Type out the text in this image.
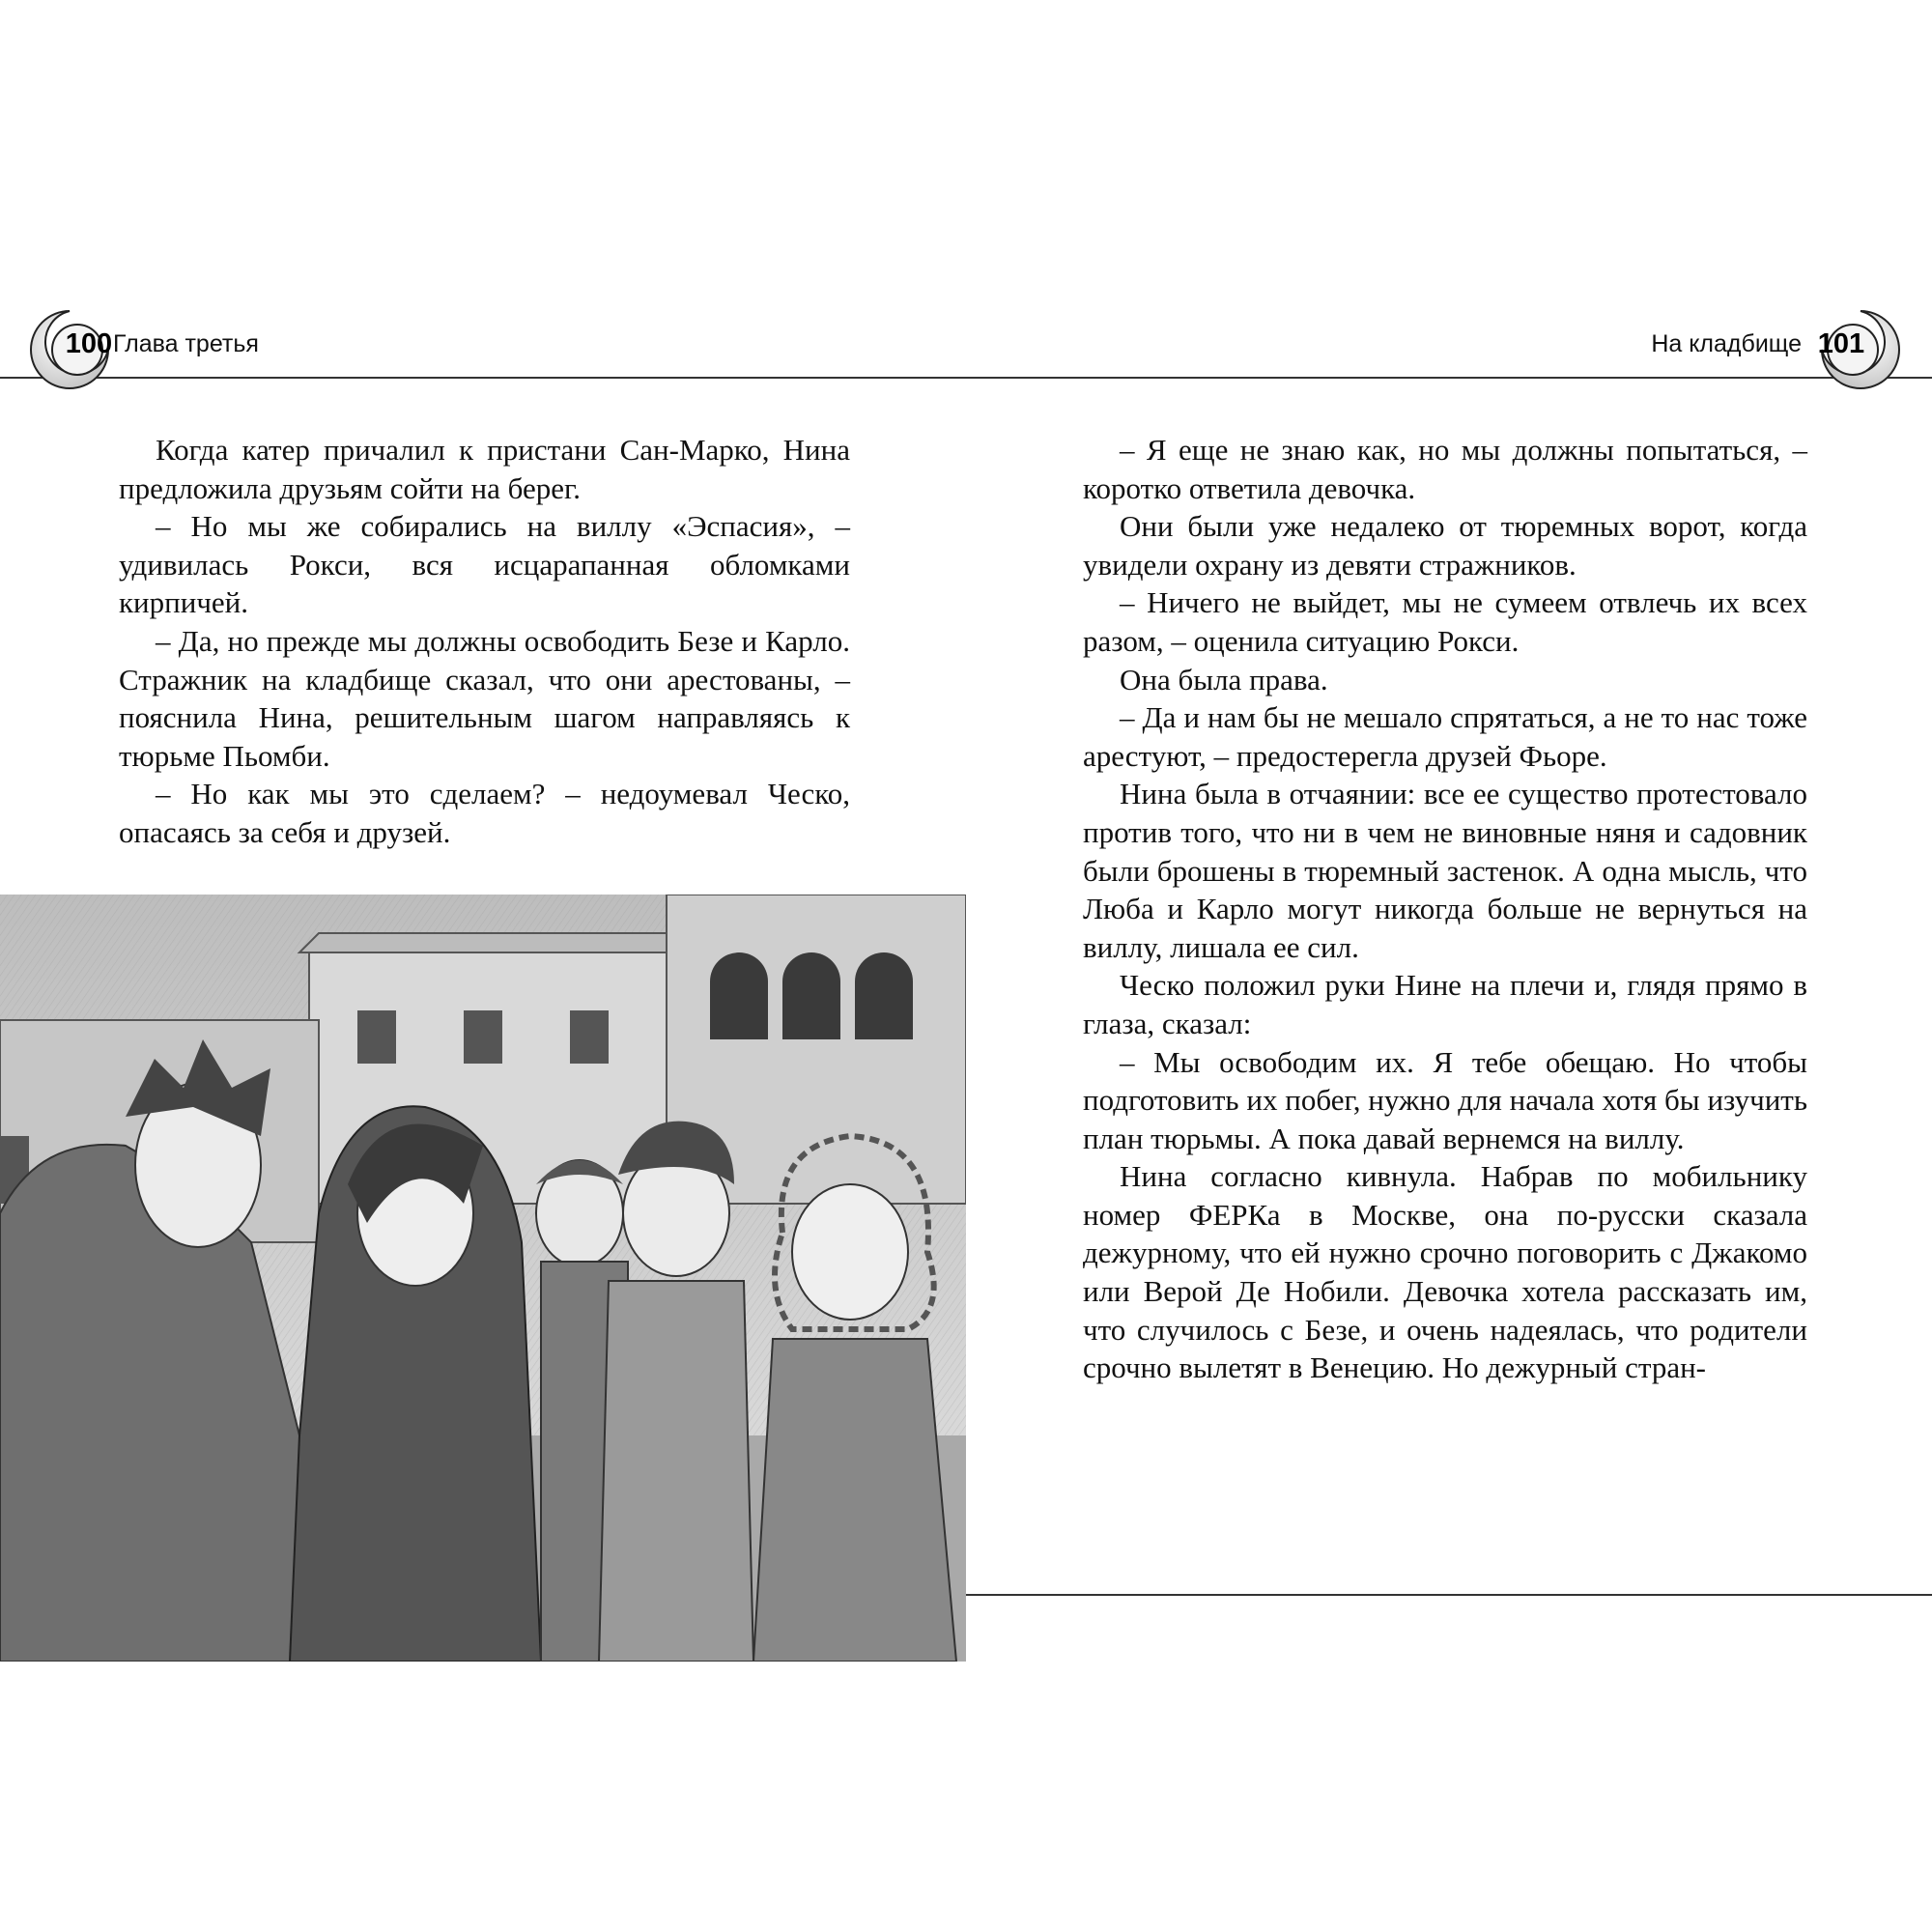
100 Глава третья	101
На кладбище

Когда катер причалил к пристани Сан-Марко, Нина предложила друзьям сойти на берег.

– Но мы же собирались на виллу «Эспасия», – удивилась Рокси, вся исцарапанная обломками кирпичей.

– Да, но прежде мы должны освободить Безе и Карло. Стражник на кладбище сказал, что они арестованы, – пояснила Нина, решительным шагом направляясь к тюрьме Пьомби.

– Но как мы это сделаем? – недоумевал Ческо, опасаясь за себя и друзей.

– Я еще не знаю как, но мы должны попытаться, – коротко ответила девочка.

Они были уже недалеко от тюремных ворот, когда увидели охрану из девяти стражников.

– Ничего не выйдет, мы не сумеем отвлечь их всех разом, – оценила ситуацию Рокси.

Она была права.

– Да и нам бы не мешало спрятаться, а не то нас тоже арестуют, – предостерегла друзей Фьоре.

Нина была в отчаянии: все ее существо протестовало против того, что ни в чем не виновные няня и садовник были брошены в тюремный застенок. А одна мысль, что Люба и Карло могут никогда больше не вернуться на виллу, лишала ее сил.

Ческо положил руки Нине на плечи и, глядя прямо в глаза, сказал:

– Мы освободим их. Я тебе обещаю. Но чтобы подготовить их побег, нужно для начала хотя бы изучить план тюрьмы. А пока давай вернемся на виллу.

Нина согласно кивнула. Набрав по мобильнику номер ФЕРКа в Москве, она по-русски сказала дежурному, что ей нужно срочно поговорить с Джакомо или Верой Де Нобили. Девочка хотела рассказать им, что случилось с Безе, и очень надеялась, что родители срочно вылетят в Венецию. Но дежурный стран-
